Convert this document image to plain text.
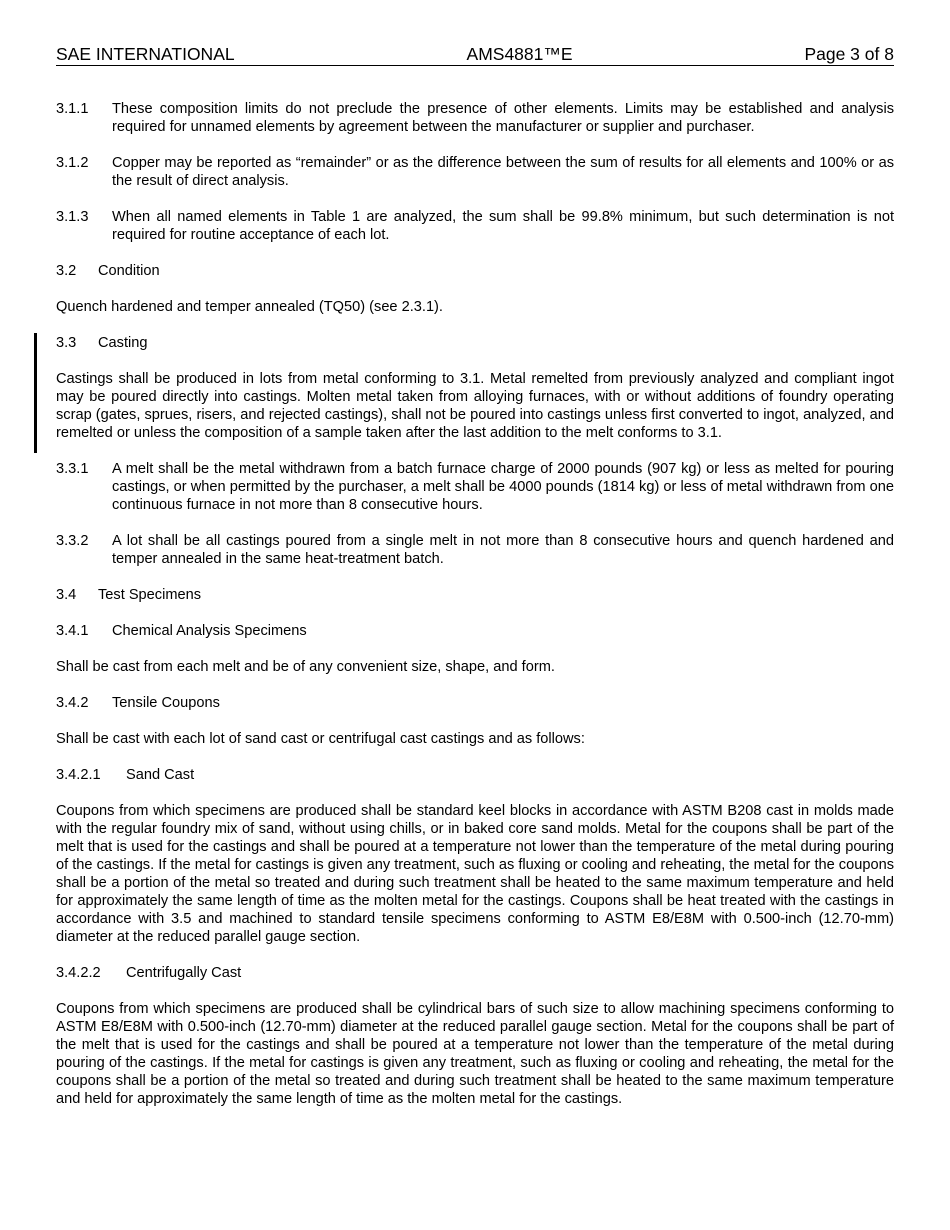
SAE INTERNATIONAL	AMS4881™E	Page 3 of 8
3.1.1	These composition limits do not preclude the presence of other elements. Limits may be established and analysis required for unnamed elements by agreement between the manufacturer or supplier and purchaser.
3.1.2	Copper may be reported as “remainder” or as the difference between the sum of results for all elements and 100% or as the result of direct analysis.
3.1.3	When all named elements in Table 1 are analyzed, the sum shall be 99.8% minimum, but such determination is not required for routine acceptance of each lot.
3.2 Condition

Quench hardened and temper annealed (TQ50) (see 2.3.1).

3.3 Casting

Castings shall be produced in lots from metal conforming to 3.1. Metal remelted from previously analyzed and compliant ingot may be poured directly into castings. Molten metal taken from alloying furnaces, with or without additions of foundry operating scrap (gates, sprues, risers, and rejected castings), shall not be poured into castings unless first converted to ingot, analyzed, and remelted or unless the composition of a sample taken after the last addition to the melt conforms to 3.1.

3.3.1	A melt shall be the metal withdrawn from a batch furnace charge of 2000 pounds (907 kg) or less as melted for pouring castings, or when permitted by the purchaser, a melt shall be 4000 pounds (1814 kg) or less of metal withdrawn from one continuous furnace in not more than 8 consecutive hours.
3.3.2	A lot shall be all castings poured from a single melt in not more than 8 consecutive hours and quench hardened and temper annealed in the same heat-treatment batch.
3.4 Test Specimens
3.4.1 Chemical Analysis Specimens

Shall be cast from each melt and be of any convenient size, shape, and form.

3.4.2 Tensile Coupons

Shall be cast with each lot of sand cast or centrifugal cast castings and as follows:

3.4.2.1 Sand Cast

Coupons from which specimens are produced shall be standard keel blocks in accordance with ASTM B208 cast in molds made with the regular foundry mix of sand, without using chills, or in baked core sand molds. Metal for the coupons shall be part of the melt that is used for the castings and shall be poured at a temperature not lower than the temperature of the metal during pouring of the castings. If the metal for castings is given any treatment, such as fluxing or cooling and reheating, the metal for the coupons shall be a portion of the metal so treated and during such treatment shall be heated to the same maximum temperature and held for approximately the same length of time as the molten metal for the castings. Coupons shall be heat treated with the castings in accordance with 3.5 and machined to standard tensile specimens conforming to ASTM E8/E8M with 0.500-inch (12.70-mm) diameter at the reduced parallel gauge section.

3.4.2.2 Centrifugally Cast

Coupons from which specimens are produced shall be cylindrical bars of such size to allow machining specimens conforming to ASTM E8/E8M with 0.500-inch (12.70-mm) diameter at the reduced parallel gauge section. Metal for the coupons shall be part of the melt that is used for the castings and shall be poured at a temperature not lower than the temperature of the metal during pouring of the castings. If the metal for castings is given any treatment, such as fluxing or cooling and reheating, the metal for the coupons shall be a portion of the metal so treated and during such treatment shall be heated to the same maximum temperature and held for approximately the same length of time as the molten metal for the castings.
